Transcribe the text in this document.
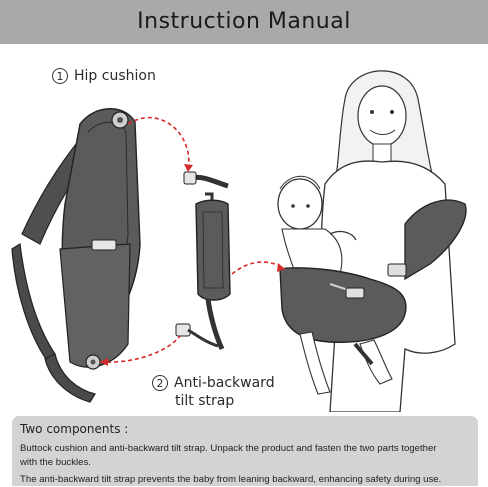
Instruction Manual
1 Hip cushion
2 Anti-backward
tilt strap

Two components :

Buttock cushion and anti-backward tilt strap. Unpack the product and fasten the two parts together
with the buckles.

The anti-backward tilt strap prevents the baby from leaning backward, enhancing safety during use.
